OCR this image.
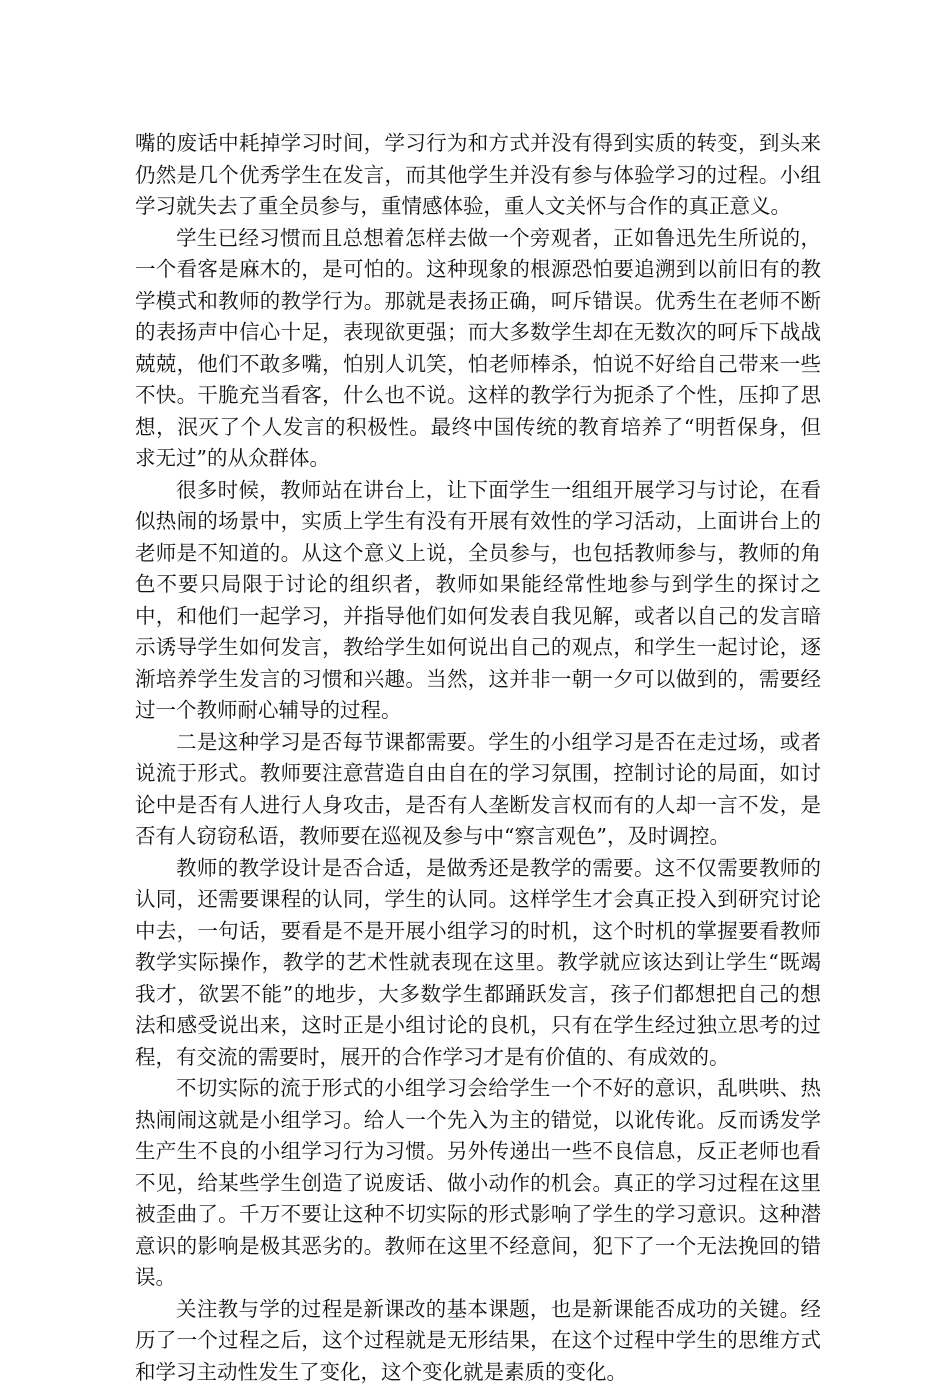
嘴的废话中耗掉学习时间，学习行为和方式并没有得到实质的转变，到头来仍然是几个优秀学生在发言，而其他学生并没有参与体验学习的过程。小组学习就失去了重全员参与，重情感体验，重人文关怀与合作的真正意义。

学生已经习惯而且总想着怎样去做一个旁观者，正如鲁迅先生所说的，一个看客是麻木的，是可怕的。这种现象的根源恐怕要追溯到以前旧有的教学模式和教师的教学行为。那就是表扬正确，呵斥错误。优秀生在老师不断的表扬声中信心十足，表现欲更强；而大多数学生却在无数次的呵斥下战战兢兢，他们不敢多嘴，怕别人讥笑，怕老师棒杀，怕说不好给自己带来一些不快。干脆充当看客，什么也不说。这样的教学行为扼杀了个性，压抑了思想，泯灭了个人发言的积极性。最终中国传统的教育培养了“明哲保身，但求无过”的从众群体。

很多时候，教师站在讲台上，让下面学生一组组开展学习与讨论，在看似热闹的场景中，实质上学生有没有开展有效性的学习活动，上面讲台上的老师是不知道的。从这个意义上说，全员参与，也包括教师参与，教师的角色不要只局限于讨论的组织者，教师如果能经常性地参与到学生的探讨之中，和他们一起学习，并指导他们如何发表自我见解，或者以自己的发言暗示诱导学生如何发言，教给学生如何说出自己的观点，和学生一起讨论，逐渐培养学生发言的习惯和兴趣。当然，这并非一朝一夕可以做到的，需要经过一个教师耐心辅导的过程。

二是这种学习是否每节课都需要。学生的小组学习是否在走过场，或者说流于形式。教师要注意营造自由自在的学习氛围，控制讨论的局面，如讨论中是否有人进行人身攻击，是否有人垄断发言权而有的人却一言不发，是否有人窃窃私语，教师要在巡视及参与中“察言观色”，及时调控。

教师的教学设计是否合适，是做秀还是教学的需要。这不仅需要教师的认同，还需要课程的认同，学生的认同。这样学生才会真正投入到研究讨论中去，一句话，要看是不是开展小组学习的时机，这个时机的掌握要看教师教学实际操作，教学的艺术性就表现在这里。教学就应该达到让学生“既竭我才，欲罢不能”的地步，大多数学生都踊跃发言，孩子们都想把自己的想法和感受说出来，这时正是小组讨论的良机，只有在学生经过独立思考的过程，有交流的需要时，展开的合作学习才是有价值的、有成效的。

不切实际的流于形式的小组学习会给学生一个不好的意识，乱哄哄、热热闹闹这就是小组学习。给人一个先入为主的错觉，以讹传讹。反而诱发学生产生不良的小组学习行为习惯。另外传递出一些不良信息，反正老师也看不见，给某些学生创造了说废话、做小动作的机会。真正的学习过程在这里被歪曲了。千万不要让这种不切实际的形式影响了学生的学习意识。这种潜意识的影响是极其恶劣的。教师在这里不经意间，犯下了一个无法挽回的错误。

关注教与学的过程是新课改的基本课题，也是新课能否成功的关键。经历了一个过程之后，这个过程就是无形结果，在这个过程中学生的思维方式和学习主动性发生了变化，这个变化就是素质的变化。
